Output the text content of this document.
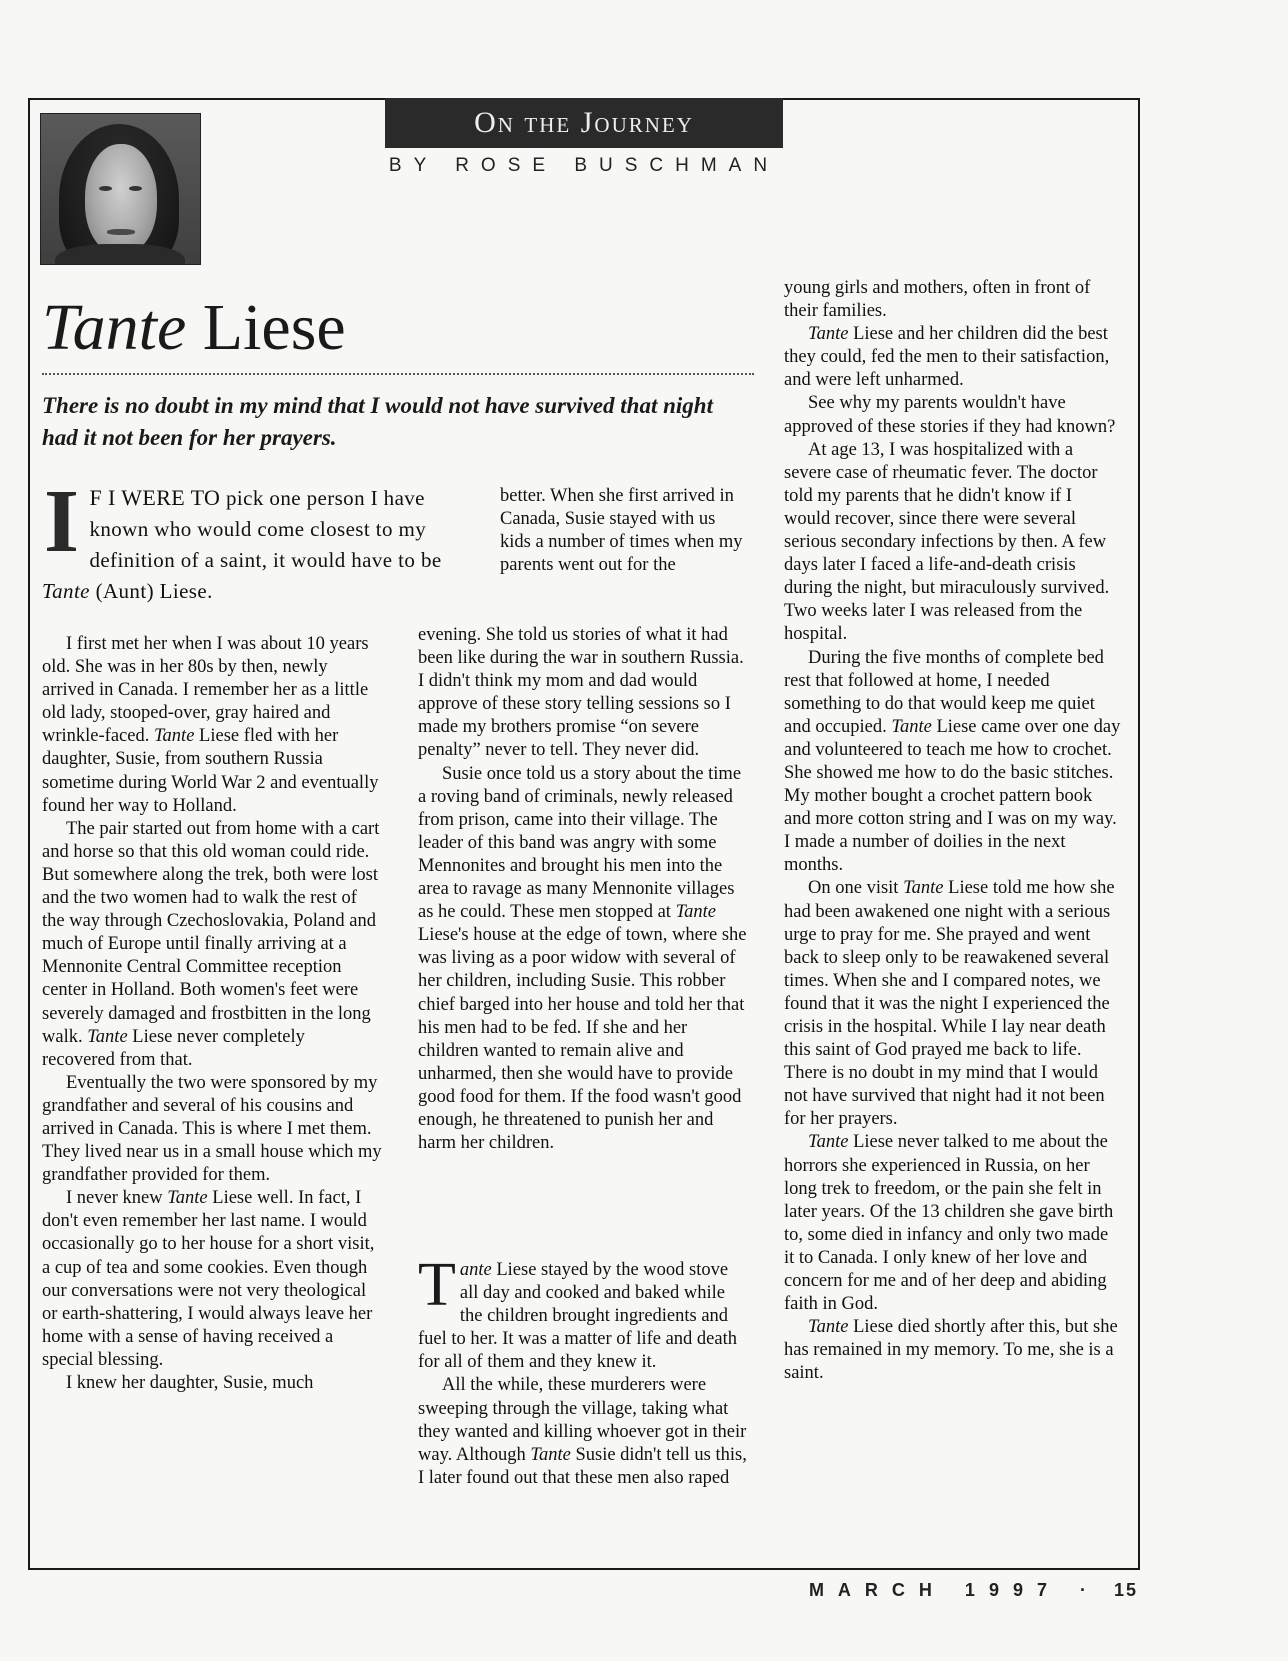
On the Journey
BY ROSE BUSCHMAN
Tante Liese
There is no doubt in my mind that I would not have survived that night had it not been for her prayers.
I F I WERE TO pick one person I have known who would come closest to my definition of a saint, it would have to be Tante (Aunt) Liese.

I first met her when I was about 10 years old. She was in her 80s by then, newly arrived in Canada. I remember her as a little old lady, stooped-over, gray haired and wrinkle-faced. Tante Liese fled with her daughter, Susie, from southern Russia sometime during World War 2 and eventually found her way to Holland.

The pair started out from home with a cart and horse so that this old woman could ride. But somewhere along the trek, both were lost and the two women had to walk the rest of the way through Czechoslovakia, Poland and much of Europe until finally arriving at a Mennonite Central Committee reception center in Holland. Both women's feet were severely damaged and frostbitten in the long walk. Tante Liese never completely recovered from that.

Eventually the two were sponsored by my grandfather and several of his cousins and arrived in Canada. This is where I met them. They lived near us in a small house which my grandfather provided for them.

I never knew Tante Liese well. In fact, I don't even remember her last name. I would occasionally go to her house for a short visit, a cup of tea and some cookies. Even though our conversations were not very theological or earth-shattering, I would always leave her home with a sense of having received a special blessing.

I knew her daughter, Susie, much

better. When she first arrived in Canada, Susie stayed with us kids a number of times when my parents went out for the

evening. She told us stories of what it had been like during the war in southern Russia. I didn't think my mom and dad would approve of these story telling sessions so I made my brothers promise “on severe penalty” never to tell. They never did.

Susie once told us a story about the time a roving band of criminals, newly released from prison, came into their village. The leader of this band was angry with some Mennonites and brought his men into the area to ravage as many Mennonite villages as he could. These men stopped at Tante Liese's house at the edge of town, where she was living as a poor widow with several of her children, including Susie. This robber chief barged into her house and told her that his men had to be fed. If she and her children wanted to remain alive and unharmed, then she would have to provide good food for them. If the food wasn't good enough, he threatened to punish her and harm her children.

Tante Liese stayed by the wood stove all day and cooked and baked while the children brought ingredients and fuel to her. It was a matter of life and death for all of them and they knew it.

All the while, these murderers were sweeping through the village, taking what they wanted and killing whoever got in their way. Although Tante Susie didn't tell us this, I later found out that these men also raped

young girls and mothers, often in front of their families.

Tante Liese and her children did the best they could, fed the men to their satisfaction, and were left unharmed.

See why my parents wouldn't have approved of these stories if they had known?

At age 13, I was hospitalized with a severe case of rheumatic fever. The doctor told my parents that he didn't know if I would recover, since there were several serious secondary infections by then. A few days later I faced a life-and-death crisis during the night, but miraculously survived. Two weeks later I was released from the hospital.

During the five months of complete bed rest that followed at home, I needed something to do that would keep me quiet and occupied. Tante Liese came over one day and volunteered to teach me how to crochet. She showed me how to do the basic stitches. My mother bought a crochet pattern book and more cotton string and I was on my way. I made a number of doilies in the next months.

On one visit Tante Liese told me how she had been awakened one night with a serious urge to pray for me. She prayed and went back to sleep only to be reawakened several times. When she and I compared notes, we found that it was the night I experienced the crisis in the hospital. While I lay near death this saint of God prayed me back to life. There is no doubt in my mind that I would not have survived that night had it not been for her prayers.

Tante Liese never talked to me about the horrors she experienced in Russia, on her long trek to freedom, or the pain she felt in later years. Of the 13 children she gave birth to, some died in infancy and only two made it to Canada. I only knew of her love and concern for me and of her deep and abiding faith in God.

Tante Liese died shortly after this, but she has remained in my memory. To me, she is a saint.

MARCH 1997 · 15
